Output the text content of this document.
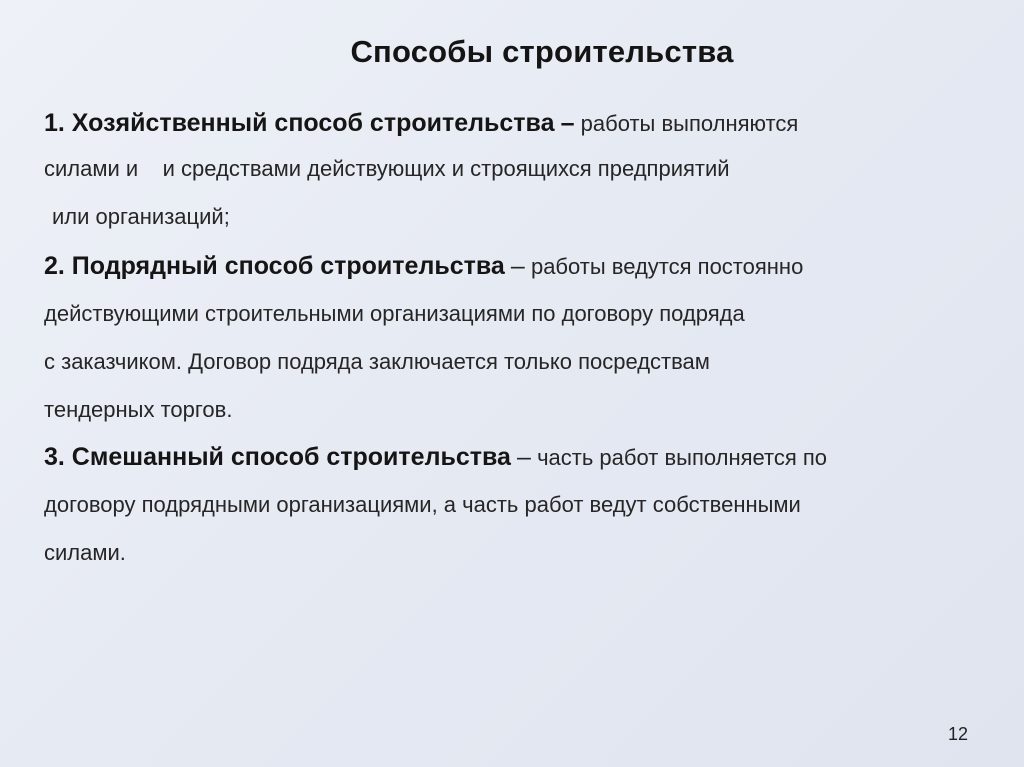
Способы строительства
1. Хозяйственный способ строительства – работы выполняются
силами и    и средствами действующих и строящихся предприятий
или организаций;
2. Подрядный способ строительства – работы ведутся постоянно
действующими строительными организациями по договору подряда
с заказчиком. Договор подряда заключается только посредствам
тендерных торгов.
3. Смешанный способ строительства – часть работ выполняется по
договору подрядными организациями, а часть работ ведут собственными
силами.
12
